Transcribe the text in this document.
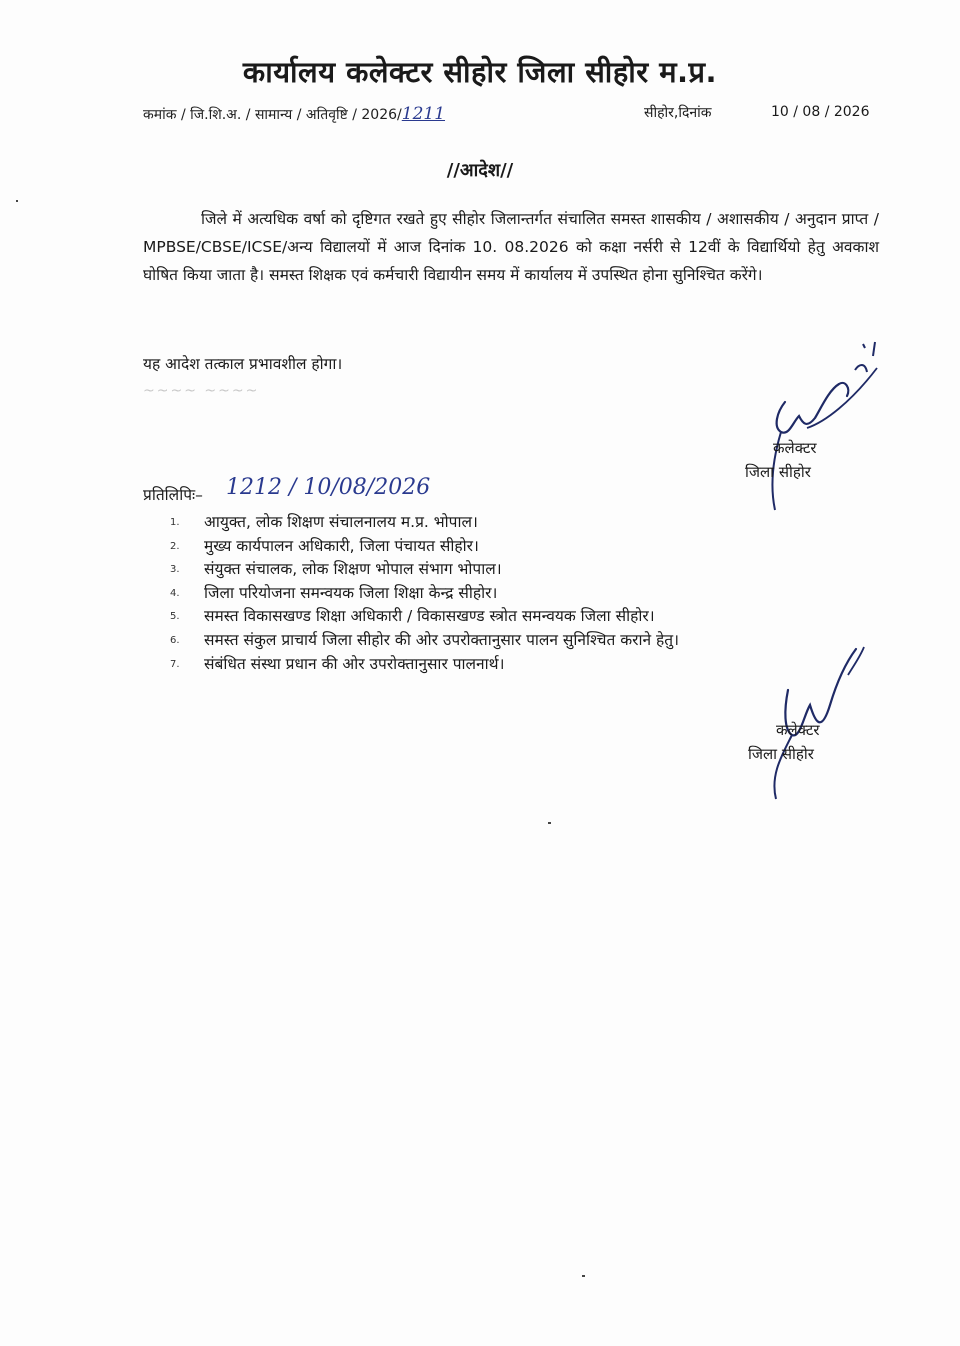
कार्यालय कलेक्टर सीहोर जिला सीहोर म.प्र.
कमांक / जि.शि.अ. / सामान्य / अतिवृष्टि / 2026/1211	सीहोर,दिनांक	10 / 08 / 2026
//आदेश//
जिले में अत्यधिक वर्षा को दृष्टिगत रखते हुए सीहोर जिलान्तर्गत संचालित समस्त शासकीय / अशासकीय / अनुदान प्राप्त / MPBSE/CBSE/ICSE/अन्य विद्यालयों में आज दिनांक 10. 08.2026 को कक्षा नर्सरी से 12वीं के विद्यार्थियो हेतु अवकाश घोषित किया जाता है। समस्त शिक्षक एवं कर्मचारी विद्यायीन समय में कार्यालय में उपस्थित होना सुनिश्चित करेंगे।
यह आदेश तत्काल प्रभावशील होगा।
~~~~ ~~~~
कलेक्टर
जिला सीहोर
प्रतिलिपिः– 1212 / 10/08/2026
1. आयुक्त, लोक शिक्षण संचालनालय म.प्र. भोपाल।
2. मुख्य कार्यपालन अधिकारी, जिला पंचायत सीहोर।
3. संयुक्त संचालक, लोक शिक्षण भोपाल संभाग भोपाल।
4. जिला परियोजना समन्वयक जिला शिक्षा केन्द्र सीहोर।
5. समस्त विकासखण्ड शिक्षा अधिकारी / विकासखण्ड स्त्रोत समन्वयक जिला सीहोर।
6. समस्त संकुल प्राचार्य जिला सीहोर की ओर उपरोक्तानुसार पालन सुनिश्चित कराने हेतु।
7. संबंधित संस्था प्रधान की ओर उपरोक्तानुसार पालनार्थ।
कलेक्टर
जिला सीहोर
